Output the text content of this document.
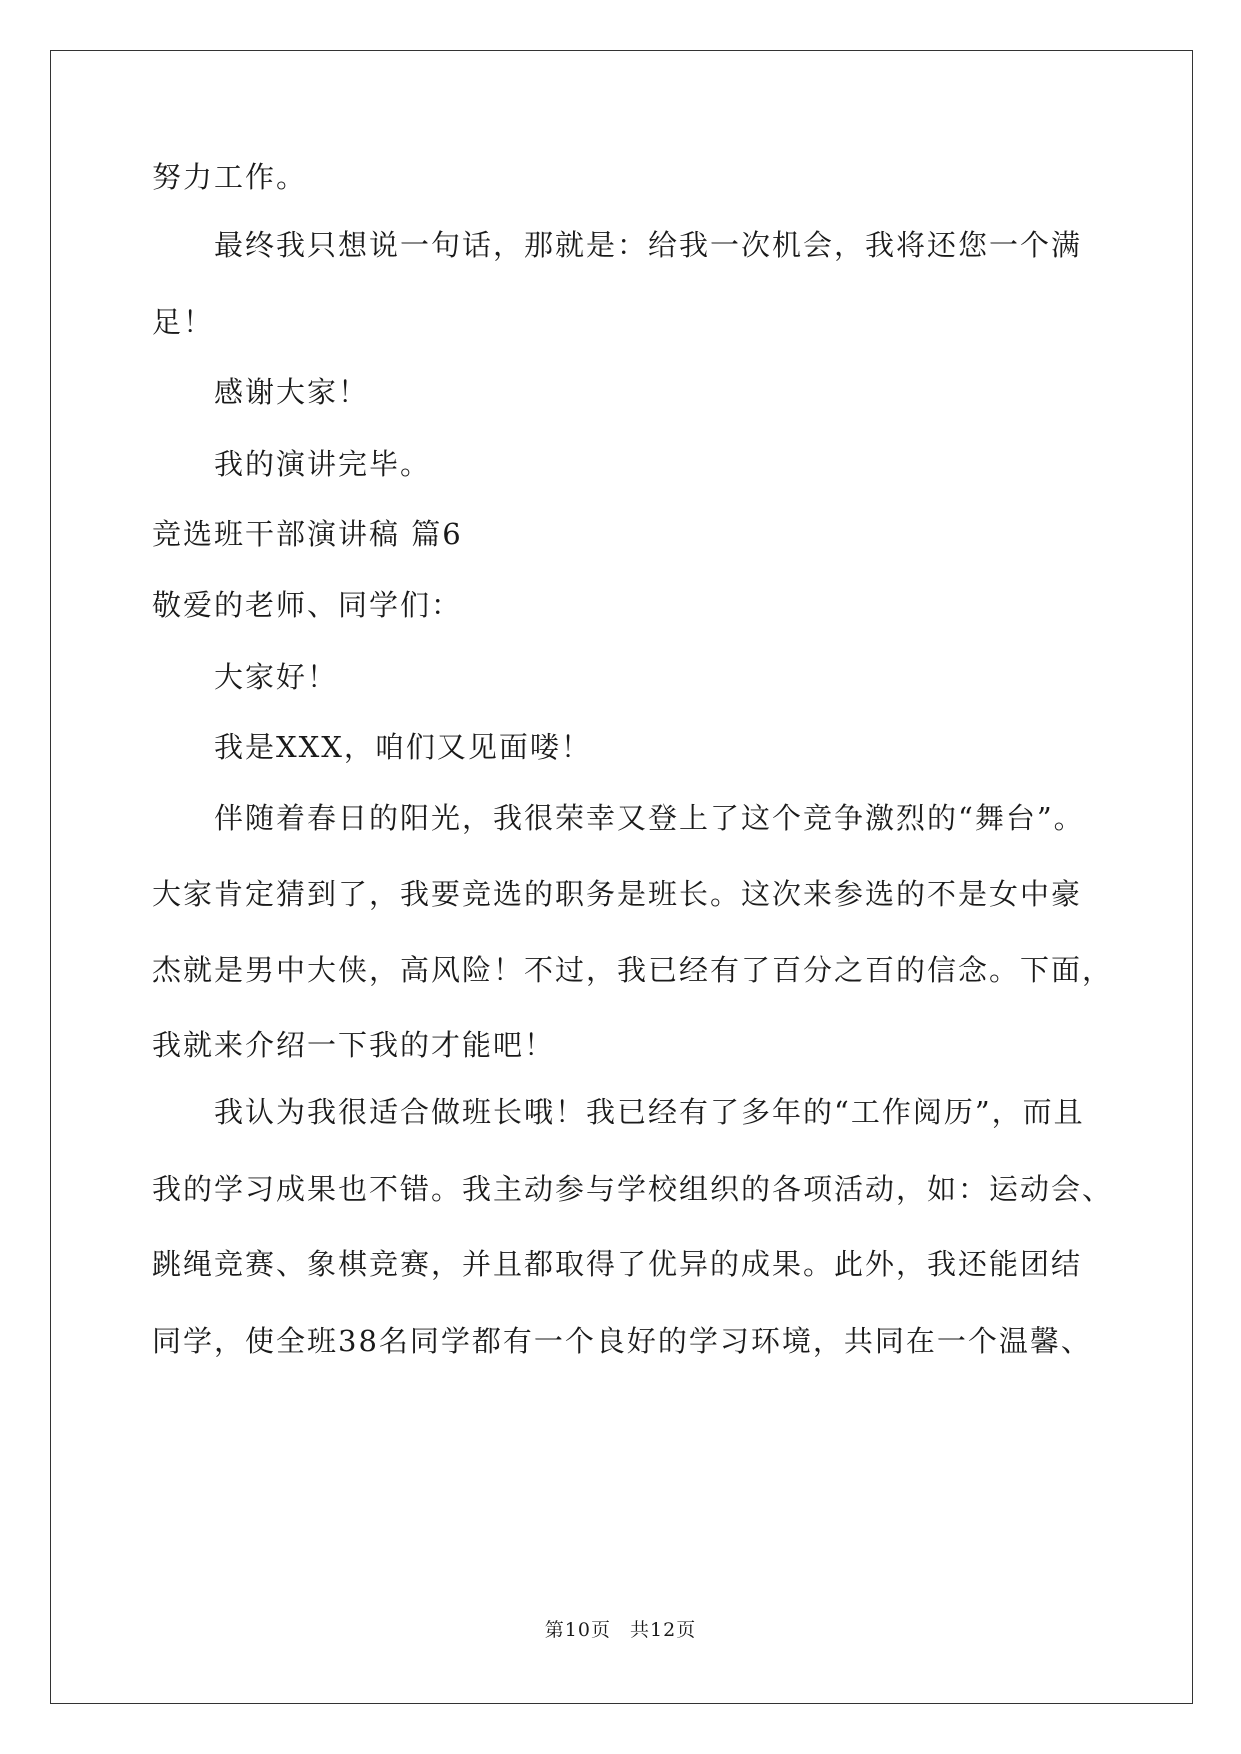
努力工作。
最终我只想说一句话，那就是：给我一次机会，我将还您一个满
足！
感谢大家！
我的演讲完毕。
竞选班干部演讲稿 篇6
敬爱的老师、同学们：
大家好！
我是XXX，咱们又见面喽！
伴随着春日的阳光，我很荣幸又登上了这个竞争激烈的“舞台”。
大家肯定猜到了，我要竞选的职务是班长。这次来参选的不是女中豪
杰就是男中大侠，高风险！不过，我已经有了百分之百的信念。下面，
我就来介绍一下我的才能吧！
我认为我很适合做班长哦！我已经有了多年的“工作阅历”，而且
我的学习成果也不错。我主动参与学校组织的各项活动，如：运动会、
跳绳竞赛、象棋竞赛，并且都取得了优异的成果。此外，我还能团结
同学，使全班38名同学都有一个良好的学习环境，共同在一个温馨、
第10页 共12页
